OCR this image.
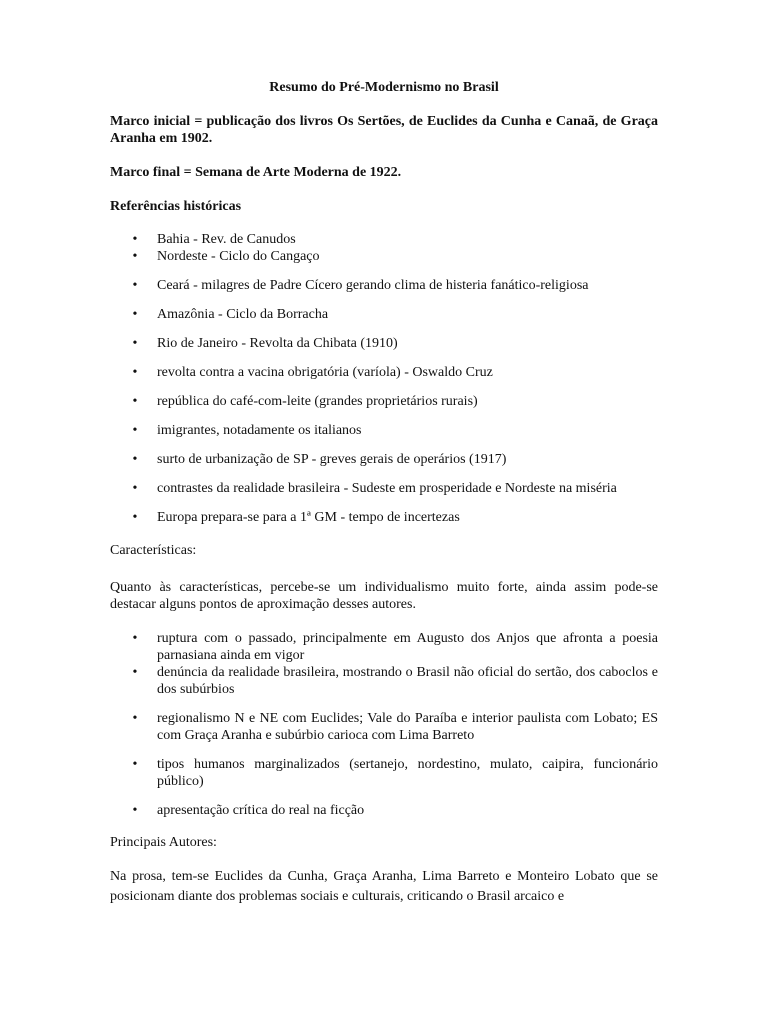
Resumo do Pré-Modernismo no Brasil

Marco inicial = publicação dos livros Os Sertões, de Euclides da Cunha e Canaã, de Graça Aranha em 1902.

Marco final = Semana de Arte Moderna de 1922.

Referências históricas

• Bahia - Rev. de Canudos
• Nordeste - Ciclo do Cangaço
• Ceará - milagres de Padre Cícero gerando clima de histeria fanático-religiosa
• Amazônia - Ciclo da Borracha
• Rio de Janeiro - Revolta da Chibata (1910)
• revolta contra a vacina obrigatória (varíola) - Oswaldo Cruz
• república do café-com-leite (grandes proprietários rurais)
• imigrantes, notadamente os italianos
• surto de urbanização de SP - greves gerais de operários (1917)
• contrastes da realidade brasileira - Sudeste em prosperidade e Nordeste na miséria
• Europa prepara-se para a 1ª GM - tempo de incertezas

Características:

Quanto às características, percebe-se um individualismo muito forte, ainda assim pode-se destacar alguns pontos de aproximação desses autores.

• ruptura com o passado, principalmente em Augusto dos Anjos que afronta a poesia parnasiana ainda em vigor
• denúncia da realidade brasileira, mostrando o Brasil não oficial do sertão, dos caboclos e dos subúrbios
• regionalismo N e NE com Euclides; Vale do Paraíba e interior paulista com Lobato; ES com Graça Aranha e subúrbio carioca com Lima Barreto
• tipos humanos marginalizados (sertanejo, nordestino, mulato, caipira, funcionário público)
• apresentação crítica do real na ficção

Principais Autores:

Na prosa, tem-se Euclides da Cunha, Graça Aranha, Lima Barreto e Monteiro Lobato que se posicionam diante dos problemas sociais e culturais, criticando o Brasil arcaico e
